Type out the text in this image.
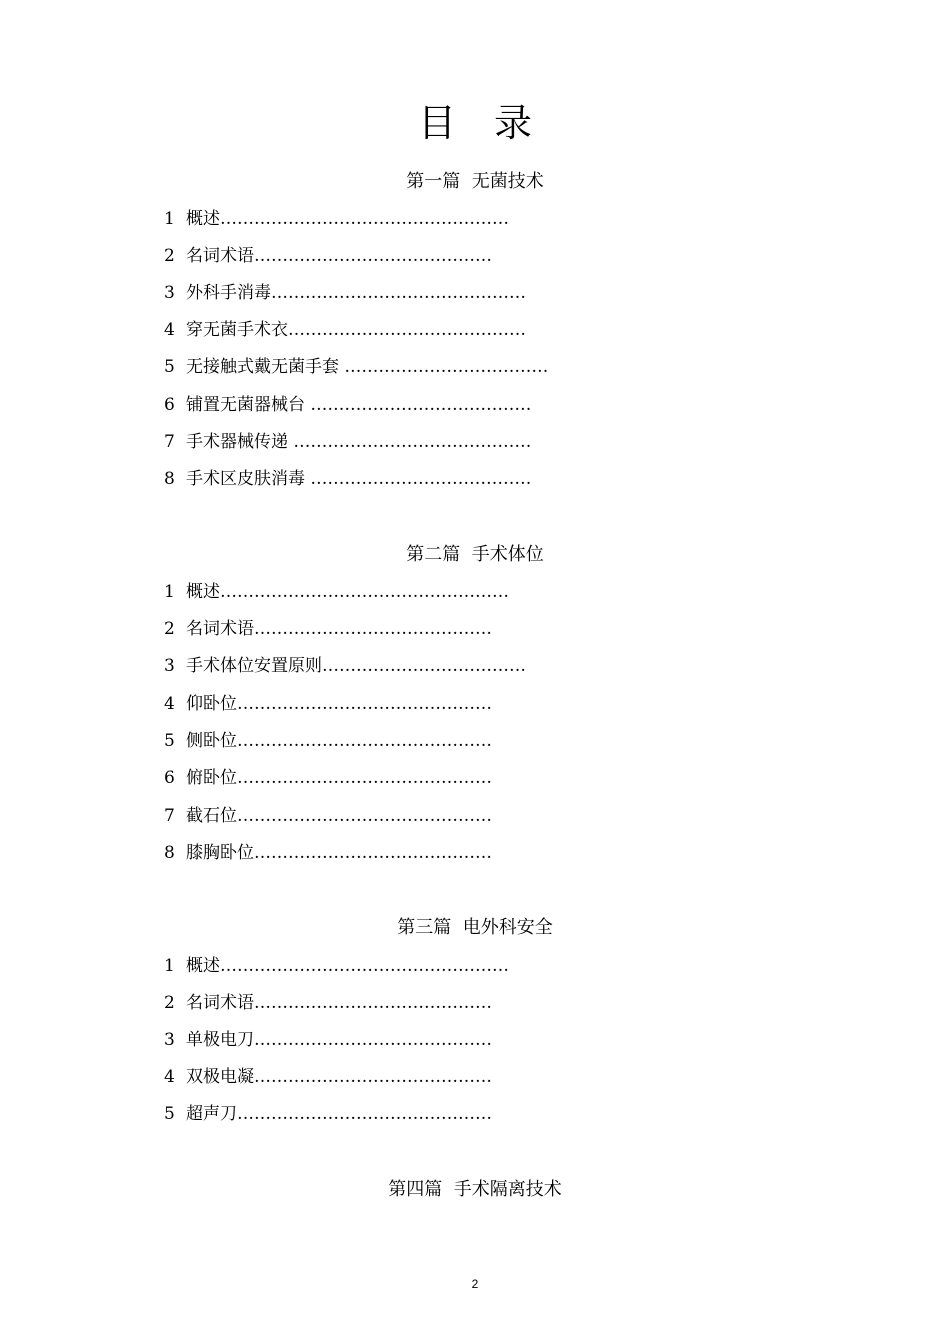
目录
第一篇  无菌技术
1 概述……………………………………………
2 名词术语……………………………………
3 外科手消毒………………………………………
4 穿无菌手术衣……………………………………
5 无接触式戴无菌手套 ………………………………
6 铺置无菌器械台 …………………………………
7 手术器械传递 ……………………………………
8 手术区皮肤消毒 …………………………………
第二篇  手术体位
1 概述……………………………………………
2 名词术语……………………………………
3 手术体位安置原则………………………………
4 仰卧位………………………………………
5 侧卧位………………………………………
6 俯卧位………………………………………
7 截石位………………………………………
8 膝胸卧位……………………………………
第三篇  电外科安全
1 概述……………………………………………
2 名词术语……………………………………
3 单极电刀……………………………………
4 双极电凝……………………………………
5 超声刀………………………………………
第四篇  手术隔离技术
2
